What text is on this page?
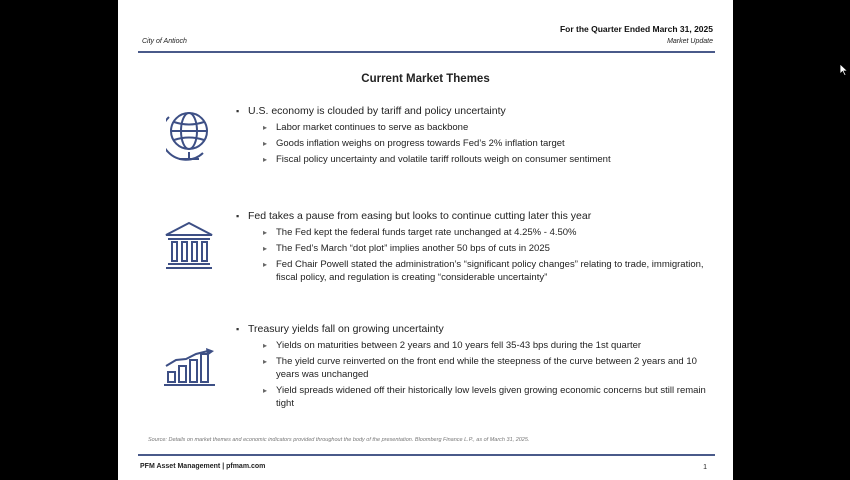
For the Quarter Ended March 31, 2025
City of Antioch	Market Update
Current Market Themes
▪ U.S. economy is clouded by tariff and policy uncertainty
▸ Labor market continues to serve as backbone
▸ Goods inflation weighs on progress towards Fed’s 2% inflation target
▸ Fiscal policy uncertainty and volatile tariff rollouts weigh on consumer sentiment
▪ Fed takes a pause from easing but looks to continue cutting later this year
▸ The Fed kept the federal funds target rate unchanged at 4.25% - 4.50%
▸ The Fed’s March “dot plot” implies another 50 bps of cuts in 2025
▸ Fed Chair Powell stated the administration’s “significant policy changes” relating to trade, immigration, fiscal policy, and regulation is creating “considerable uncertainty”
▪ Treasury yields fall on growing uncertainty
▸ Yields on maturities between 2 years and 10 years fell 35-43 bps during the 1st quarter
▸ The yield curve reinverted on the front end while the steepness of the curve between 2 years and 10 years was unchanged
▸ Yield spreads widened off their historically low levels given growing economic concerns but still remain tight
Source: Details on market themes and economic indicators provided throughout the body of the presentation. Bloomberg Finance L.P., as of March 31, 2025.
PFM Asset Management | pfmam.com	1
